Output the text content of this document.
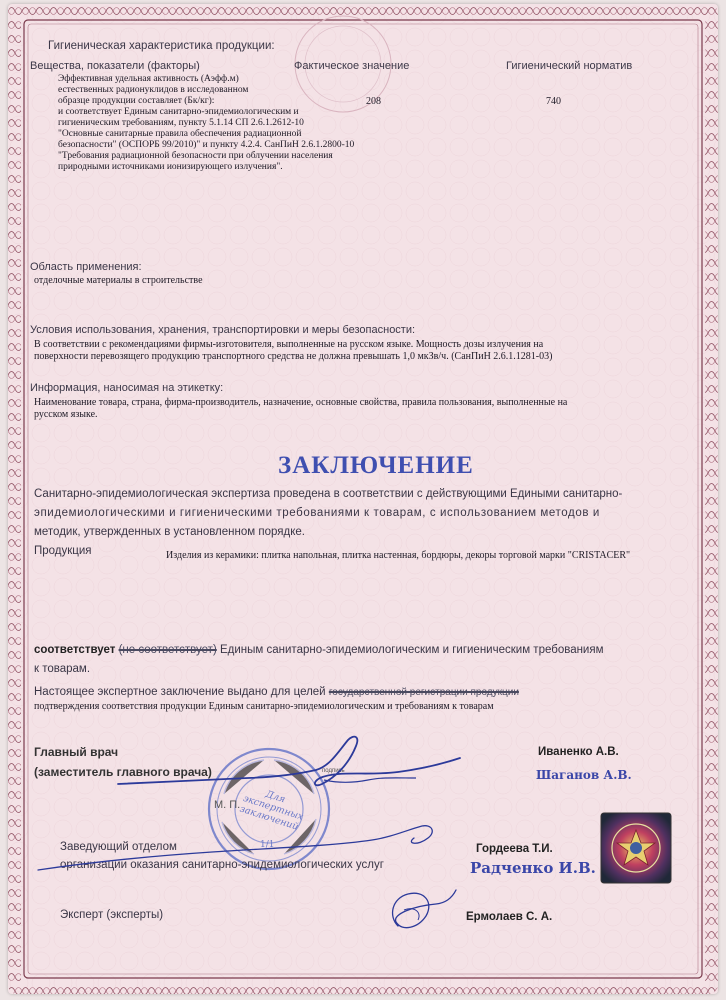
Гигиеническая характеристика продукции:
Вещества, показатели (факторы)	Фактическое значение	Гигиенический норматив
Эффективная удельная активность (Аэфф.м)
естественных радионуклидов в исследованном
образце продукции составляет (Бк/кг):
и соответствует Единым санитарно-эпидемиологическим и
гигиеническим требованиям, пункту 5.1.14 СП 2.6.1.2612-10
"Основные санитарные правила обеспечения радиационной
безопасности" (ОСПОРБ 99/2010)" и пункту 4.2.4. СанПиН 2.6.1.2800-10
"Требования радиационной безопасности при облучении населения
природными источниками ионизирующего излучения".
208	740
Область применения:
отделочные материалы в строительстве
Условия использования, хранения, транспортировки и меры безопасности:
В соответствии с рекомендациями фирмы-изготовителя, выполненные на русском языке. Мощность дозы излучения на
поверхности перевозящего продукцию транспортного средства не должна превышать 1,0 мкЗв/ч. (СанПиН 2.6.1.1281-03)
Информация, наносимая на этикетку:
Наименование товара, страна, фирма-производитель, назначение, основные свойства, правила пользования, выполненные на
русском языке.
ЗАКЛЮЧЕНИЕ
Санитарно-эпидемиологическая экспертиза проведена в соответствии с действующими Едиными санитарно-
эпидемиологическими и гигиеническими требованиями к товарам, с использованием методов и
методик, утвержденных в установленном порядке.
Продукция	Изделия из керамики: плитка напольная, плитка настенная, бордюры, декоры торговой марки "CRISTACER"
соответствует (не соответствует) Единым санитарно-эпидемиологическим и гигиеническим требованиям
к товарам.
Настоящее экспертное заключение выдано для целей государственной регистрации продукции
подтверждения соответствия продукции Единым санитарно-эпидемиологическим и требованиям к товарам
Главный врач
(заместитель главного врача)
Иваненко А.В.
Шаганов А.В.
подпись
Для экспертных заключений
1/1
М. П.
Заведующий отделом
организации оказания санитарно-эпидемиологических услуг
Гордеева Т.И.
Радченко И.В.
Эксперт (эксперты)	Ермолаев С. А.
